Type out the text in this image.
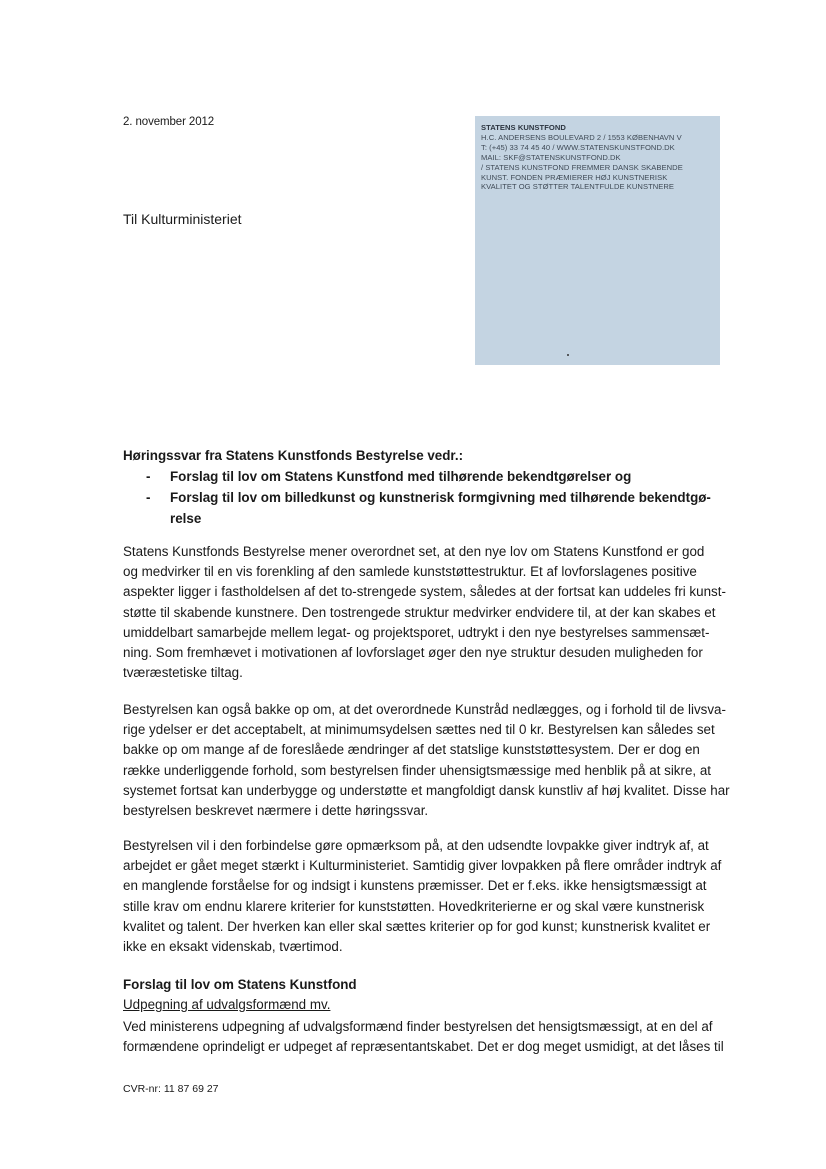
2. november 2012	STATENS KUNSTFOND
H.C. ANDERSENS BOULEVARD 2 / 1553 KØBENHAVN V
T: (+45) 33 74 45 40 / WWW.STATENSKUNSTFOND.DK
MAIL: SKF@STATENSKUNSTFOND.DK
/ STATENS KUNSTFOND FREMMER DANSK SKABENDE
KUNST. FONDEN PRÆMIERER HØJ KUNSTNERISK
KVALITET OG STØTTER TALENTFULDE KUNSTNERE
Til Kulturministeriet
Høringssvar fra Statens Kunstfonds Bestyrelse vedr.:
- Forslag til lov om Statens Kunstfond med tilhørende bekendtgørelser og
- Forslag til lov om billedkunst og kunstnerisk formgivning med tilhørende bekendtgø-
relse
Statens Kunstfonds Bestyrelse mener overordnet set, at den nye lov om Statens Kunstfond er god
og medvirker til en vis forenkling af den samlede kunststøttestruktur. Et af lovforslagenes positive
aspekter ligger i fastholdelsen af det to-strengede system, således at der fortsat kan uddeles fri kunst-
støtte til skabende kunstnere. Den tostrengede struktur medvirker endvidere til, at der kan skabes et
umiddelbart samarbejde mellem legat- og projektsporet, udtrykt i den nye bestyrelses sammensæt-
ning. Som fremhævet i motivationen af lovforslaget øger den nye struktur desuden muligheden for
tværæstetiske tiltag.
Bestyrelsen kan også bakke op om, at det overordnede Kunstråd nedlægges, og i forhold til de livsva-
rige ydelser er det acceptabelt, at minimumsydelsen sættes ned til 0 kr. Bestyrelsen kan således set
bakke op om mange af de foreslåede ændringer af det statslige kunststøttesystem. Der er dog en
række underliggende forhold, som bestyrelsen finder uhensigtsmæssige med henblik på at sikre, at
systemet fortsat kan underbygge og understøtte et mangfoldigt dansk kunstliv af høj kvalitet. Disse har
bestyrelsen beskrevet nærmere i dette høringssvar.
Bestyrelsen vil i den forbindelse gøre opmærksom på, at den udsendte lovpakke giver indtryk af, at
arbejdet er gået meget stærkt i Kulturministeriet. Samtidig giver lovpakken på flere områder indtryk af
en manglende forståelse for og indsigt i kunstens præmisser. Det er f.eks. ikke hensigtsmæssigt at
stille krav om endnu klarere kriterier for kunststøtten. Hovedkriterierne er og skal være kunstnerisk
kvalitet og talent. Der hverken kan eller skal sættes kriterier op for god kunst; kunstnerisk kvalitet er
ikke en eksakt videnskab, tværtimod.
Forslag til lov om Statens Kunstfond
Udpegning af udvalgsformænd mv.
Ved ministerens udpegning af udvalgsformænd finder bestyrelsen det hensigtsmæssigt, at en del af
formændene oprindeligt er udpeget af repræsentantskabet. Det er dog meget usmidigt, at det låses til
CVR-nr: 11 87 69 27
